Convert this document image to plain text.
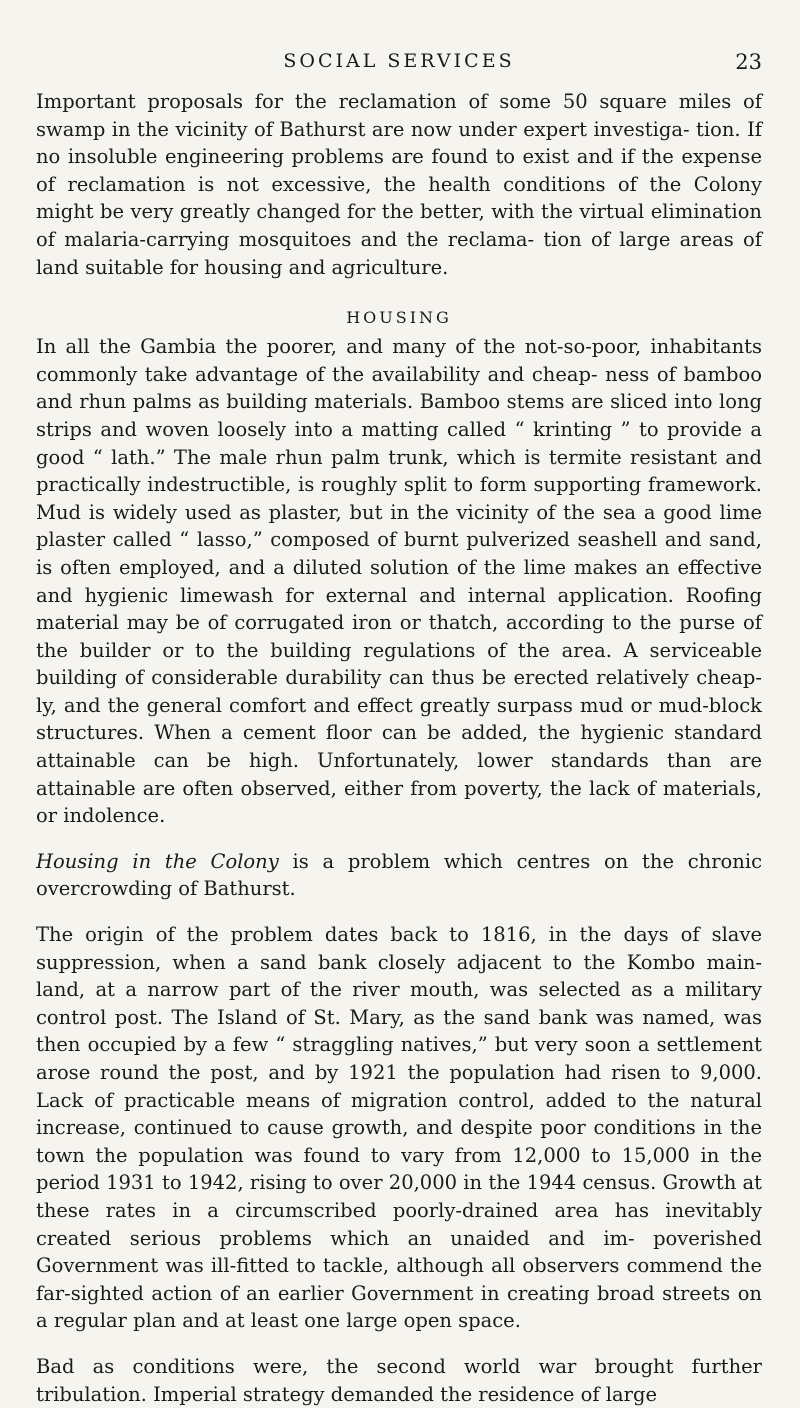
SOCIAL SERVICES	23

Important proposals for the reclamation of some 50 square miles of swamp in the vicinity of Bathurst are now under expert investiga- tion. If no insoluble engineering problems are found to exist and if the expense of reclamation is not excessive, the health conditions of the Colony might be very greatly changed for the better, with the virtual elimination of malaria-carrying mosquitoes and the reclama- tion of large areas of land suitable for housing and agriculture.

HOUSING

In all the Gambia the poorer, and many of the not-so-poor, inhabitants commonly take advantage of the availability and cheap- ness of bamboo and rhun palms as building materials. Bamboo stems are sliced into long strips and woven loosely into a matting called “ krinting ” to provide a good “ lath.” The male rhun palm trunk, which is termite resistant and practically indestructible, is roughly split to form supporting framework. Mud is widely used as plaster, but in the vicinity of the sea a good lime plaster called “ lasso,” composed of burnt pulverized seashell and sand, is often employed, and a diluted solution of the lime makes an effective and hygienic limewash for external and internal application. Roofing material may be of corrugated iron or thatch, according to the purse of the builder or to the building regulations of the area. A serviceable building of considerable durability can thus be erected relatively cheap- ly, and the general comfort and effect greatly surpass mud or mud-block structures. When a cement floor can be added, the hygienic standard attainable can be high. Unfortunately, lower standards than are attainable are often observed, either from poverty, the lack of materials, or indolence.

Housing in the Colony is a problem which centres on the chronic overcrowding of Bathurst.

The origin of the problem dates back to 1816, in the days of slave suppression, when a sand bank closely adjacent to the Kombo main- land, at a narrow part of the river mouth, was selected as a military control post. The Island of St. Mary, as the sand bank was named, was then occupied by a few “ straggling natives,” but very soon a settlement arose round the post, and by 1921 the population had risen to 9,000. Lack of practicable means of migration control, added to the natural increase, continued to cause growth, and despite poor conditions in the town the population was found to vary from 12,000 to 15,000 in the period 1931 to 1942, rising to over 20,000 in the 1944 census. Growth at these rates in a circumscribed poorly-drained area has inevitably created serious problems which an unaided and im- poverished Government was ill-fitted to tackle, although all observers commend the far-sighted action of an earlier Government in creating broad streets on a regular plan and at least one large open space.

Bad as conditions were, the second world war brought further tribulation. Imperial strategy demanded the residence of large
